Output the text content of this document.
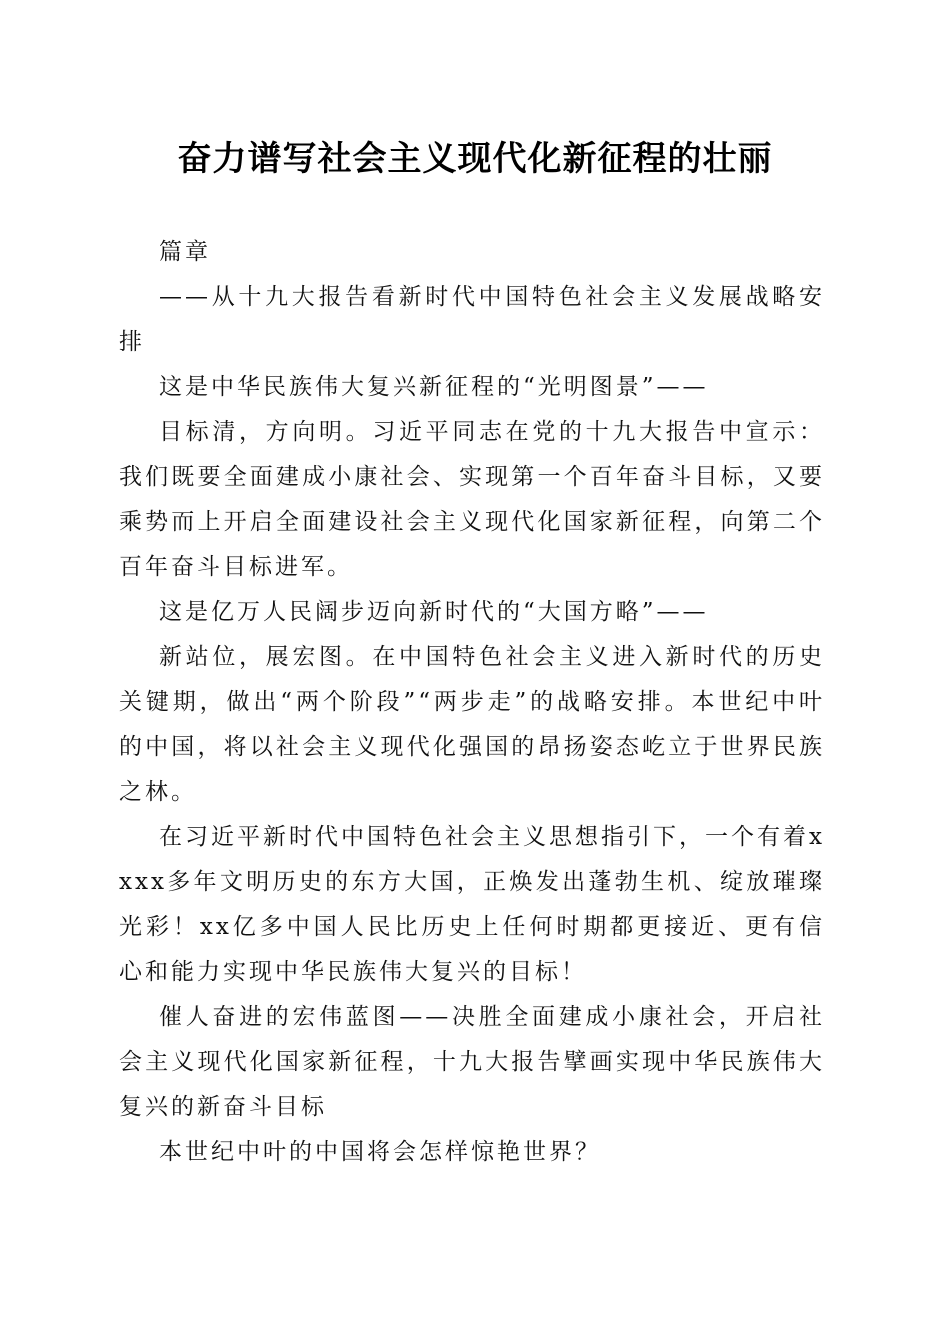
奋力谱写社会主义现代化新征程的壮丽

篇章

——从十九大报告看新时代中国特色社会主义发展战略安排

这是中华民族伟大复兴新征程的“光明图景”——

目标清，方向明。习近平同志在党的十九大报告中宣示：我们既要全面建成小康社会、实现第一个百年奋斗目标，又要乘势而上开启全面建设社会主义现代化国家新征程，向第二个百年奋斗目标进军。

这是亿万人民阔步迈向新时代的“大国方略”——

新站位，展宏图。在中国特色社会主义进入新时代的历史关键期，做出“两个阶段”“两步走”的战略安排。本世纪中叶的中国，将以社会主义现代化强国的昂扬姿态屹立于世界民族之林。

在习近平新时代中国特色社会主义思想指引下，一个有着xxxx多年文明历史的东方大国，正焕发出蓬勃生机、绽放璀璨光彩！xx亿多中国人民比历史上任何时期都更接近、更有信心和能力实现中华民族伟大复兴的目标！

催人奋进的宏伟蓝图——决胜全面建成小康社会，开启社会主义现代化国家新征程，十九大报告擘画实现中华民族伟大复兴的新奋斗目标

本世纪中叶的中国将会怎样惊艳世界？
